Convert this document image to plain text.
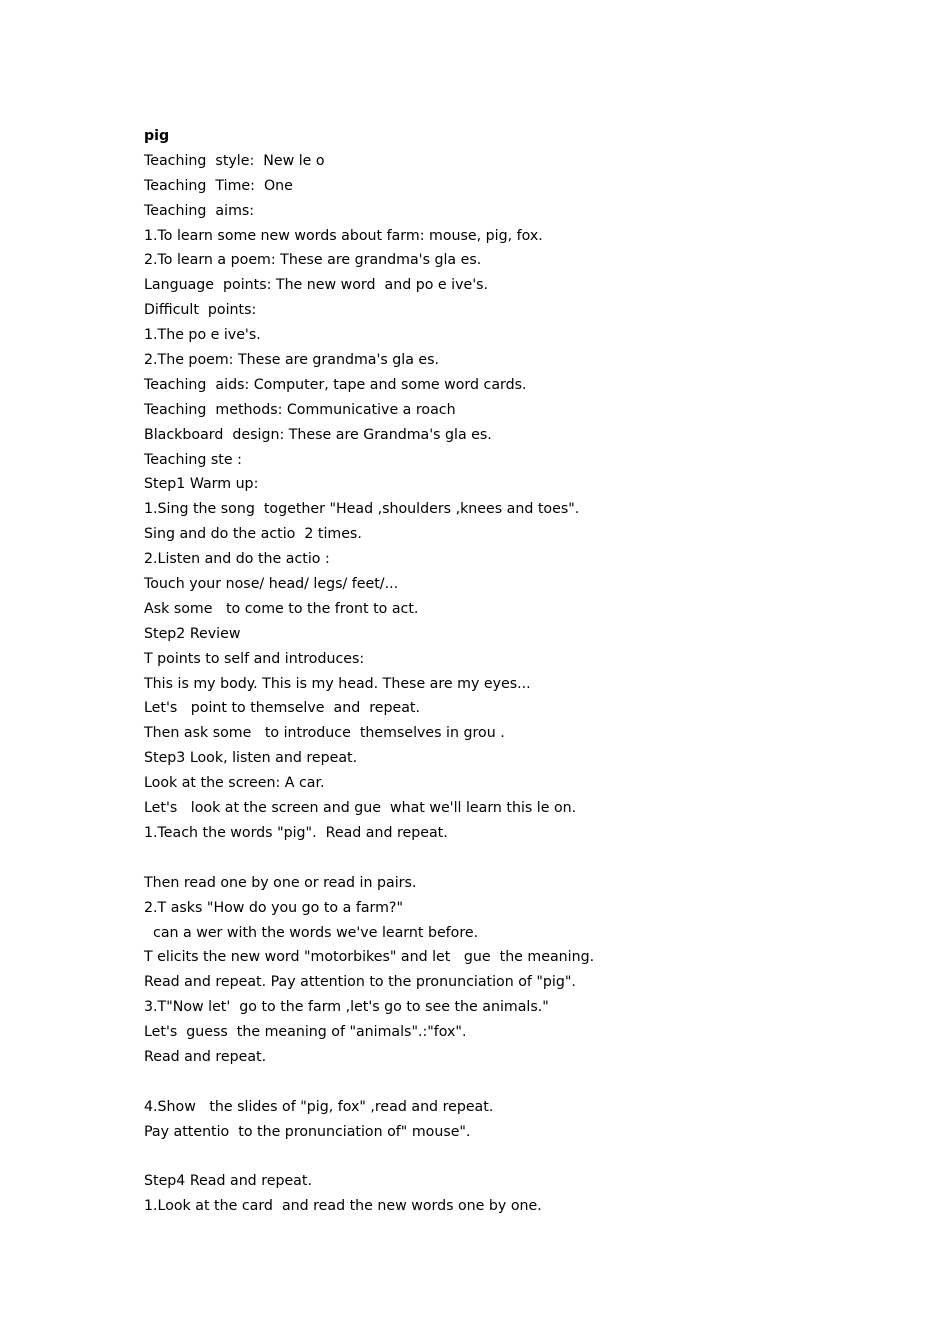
pig
Teaching  style:  New le o
Teaching  Time:  One
Teaching  aims:
1.To learn some new words about farm: mouse, pig, fox.
2.To learn a poem: These are grandma's gla es.
Language  points: The new word  and po e ive's.
Difficult  points:
1.The po e ive's.
2.The poem: These are grandma's gla es.
Teaching  aids: Computer, tape and some word cards.
Teaching  methods: Communicative a roach
Blackboard  design: These are Grandma's gla es.
Teaching ste :
Step1 Warm up:
1.Sing the song  together "Head ,shoulders ,knees and toes".
Sing and do the actio  2 times.
2.Listen and do the actio :
Touch your nose/ head/ legs/ feet/...
Ask some   to come to the front to act.
Step2 Review
T points to self and introduces:
This is my body. This is my head. These are my eyes...
Let's   point to themselve  and  repeat.
Then ask some   to introduce  themselves in grou .
Step3 Look, listen and repeat.
Look at the screen: A car.
Let's   look at the screen and gue  what we'll learn this le on.
1.Teach the words "pig".  Read and repeat.
Then read one by one or read in pairs.
2.T asks "How do you go to a farm?"
can a wer with the words we've learnt before.
T elicits the new word "motorbikes" and let   gue  the meaning.
Read and repeat. Pay attention to the pronunciation of "pig".
3.T"Now let'  go to the farm ,let's go to see the animals."
Let's  guess  the meaning of "animals".:"fox".
Read and repeat.
4.Show   the slides of "pig, fox" ,read and repeat.
Pay attentio  to the pronunciation of" mouse".
Step4 Read and repeat.
1.Look at the card  and read the new words one by one.
